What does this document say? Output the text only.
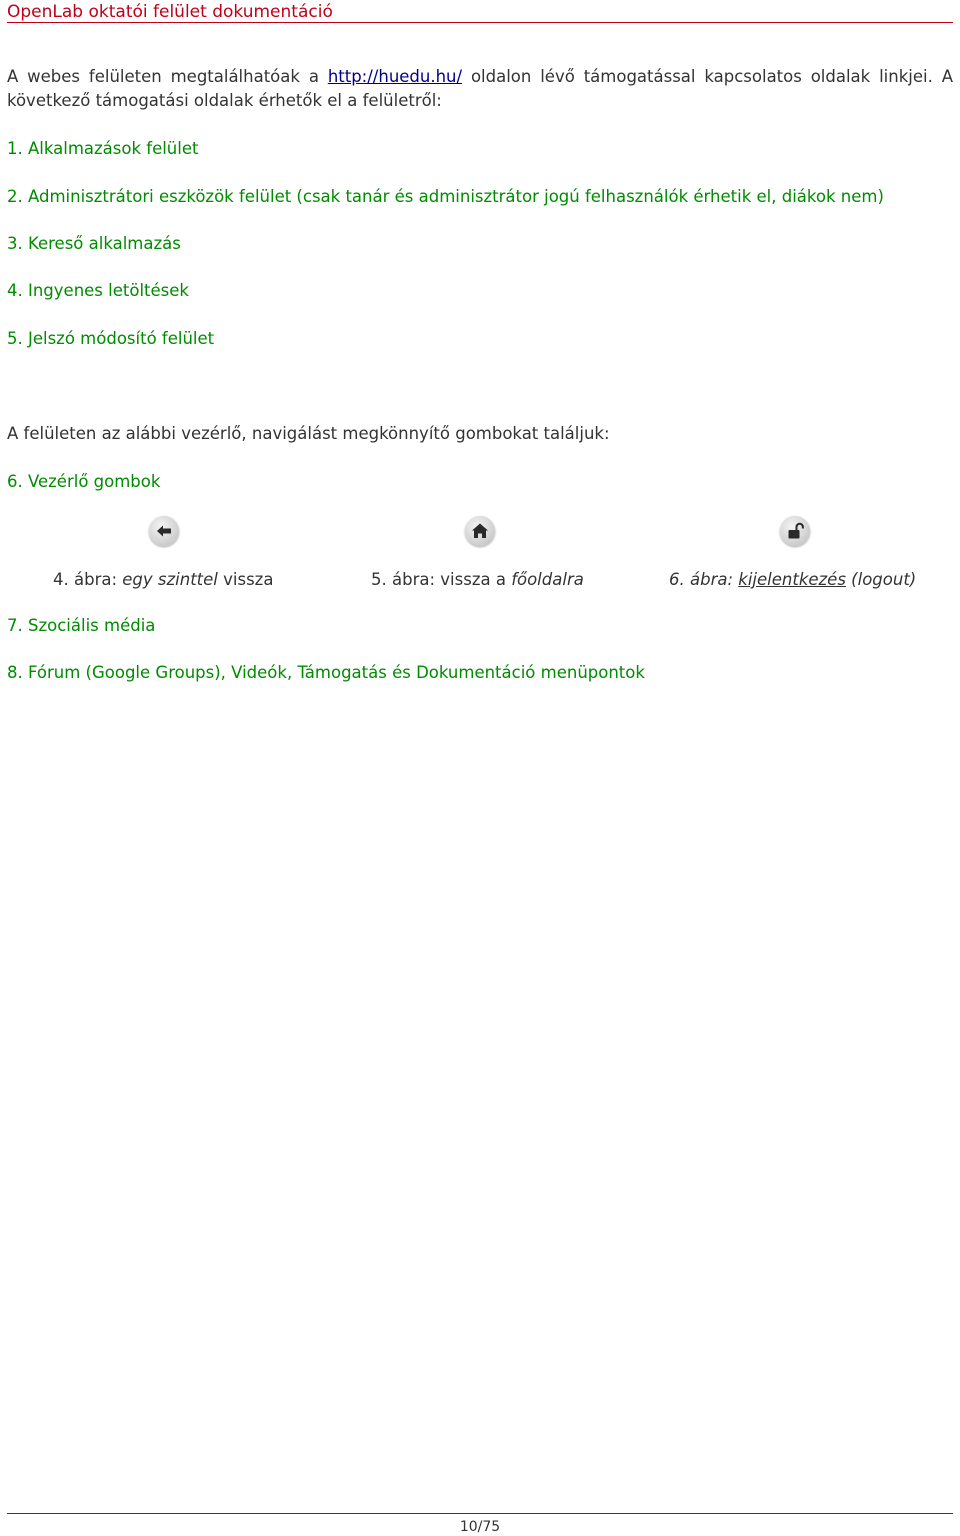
OpenLab oktatói felület dokumentáció
A webes felületen megtalálhatóak a http://huedu.hu/ oldalon lévő támogatással kapcsolatos oldalak linkjei. A következő támogatási oldalak érhetők el a felületről:
1. Alkalmazások felület
2. Adminisztrátori eszközök felület (csak tanár és adminisztrátor jogú felhasználók érhetik el, diákok nem)
3. Kereső alkalmazás
4. Ingyenes letöltések
5. Jelszó módosító felület
A felületen az alábbi vezérlő, navigálást megkönnyítő gombokat találjuk:
6. Vezérlő gombok
4. ábra: egy szinttel vissza	5. ábra: vissza a főoldalra	6. ábra: kijelentkezés (logout)
7. Szociális média
8. Fórum (Google Groups), Videók, Támogatás és Dokumentáció menüpontok
10/75
